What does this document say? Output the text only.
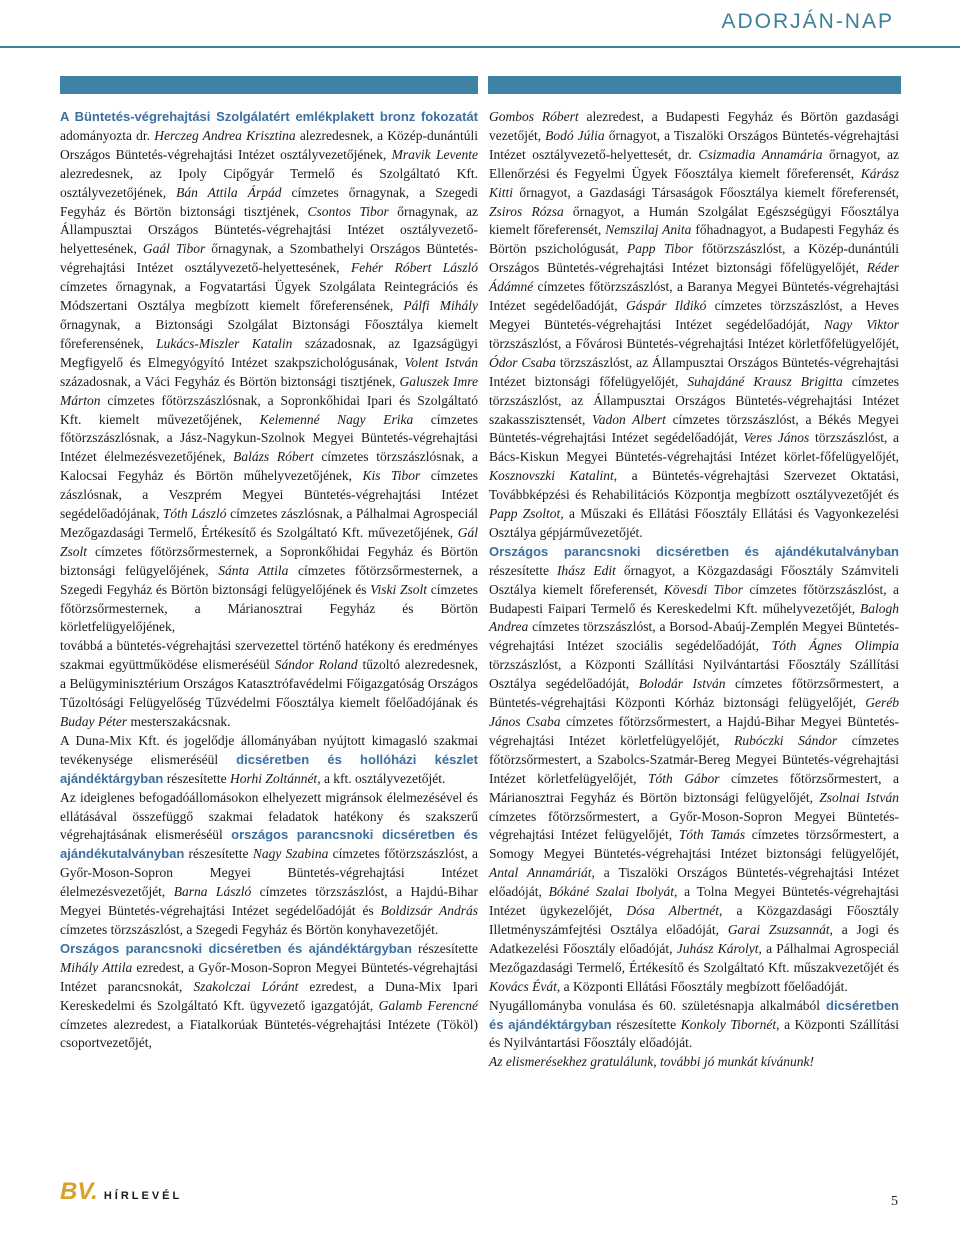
ADORJÁN-NAP

A Büntetés-végrehajtási Szolgálatért emlékplakett bronz fokozatát adományozta dr. Herczeg Andrea Krisztina alezredesnek, a Közép-dunántúli Országos Büntetés-végrehajtási Intézet osztályvezetőjének, Mravik Levente alezredesnek, az Ipoly Cipőgyár Termelő és Szolgáltató Kft. osztályvezetőjének, Bán Attila Árpád címzetes őrnagynak, a Szegedi Fegyház és Börtön biztonsági tisztjének, Csontos Tibor őrnagynak, az Állampusztai Országos Büntetés-végrehajtási Intézet osztályvezető-helyettesének, Gaál Tibor őrnagynak, a Szombathelyi Országos Büntetés-végrehajtási Intézet osztályvezető-helyettesének, Fehér Róbert László címzetes őrnagynak, a Fogvatartási Ügyek Szolgálata Reintegrációs és Módszertani Osztálya megbízott kiemelt főreferensének, Pálfi Mihály őrnagynak, a Biztonsági Szolgálat Biztonsági Főosztálya kiemelt főreferensének, Lukács-Miszler Katalin századosnak, az Igazságügyi Megfigyelő és Elmegyógyító Intézet szakpszichológusának, Volent István századosnak, a Váci Fegyház és Börtön biztonsági tisztjének, Galuszek Imre Márton címzetes főtörzszászlósnak, a Sopronkőhidai Ipari és Szolgáltató Kft. kiemelt művezetőjének, Kelemenné Nagy Erika címzetes főtörzszászlósnak, a Jász-Nagykun-Szolnok Megyei Büntetés-végrehajtási Intézet élelmezésvezetőjének, Balázs Róbert címzetes törzszászlósnak, a Kalocsai Fegyház és Börtön műhelyvezetőjének, Kis Tibor címzetes zászlósnak, a Veszprém Megyei Büntetés-végrehajtási Intézet segédelőadójának, Tóth László címzetes zászlósnak, a Pálhalmai Agrospeciál Mezőgazdasági Termelő, Értékesítő és Szolgáltató Kft. művezetőjének, Gál Zsolt címzetes főtörzsőrmesternek, a Sopronkőhidai Fegyház és Börtön biztonsági felügyelőjének, Sánta Attila címzetes főtörzsőrmesternek, a Szegedi Fegyház és Börtön biztonsági felügyelőjének és Viski Zsolt címzetes főtörzsőrmesternek, a Márianosztrai Fegyház és Börtön körletfelügyelőjének,

továbbá a büntetés-végrehajtási szervezettel történő hatékony és eredményes szakmai együttműködése elismeréséül Sándor Roland tűzoltó alezredesnek, a Belügyminisztérium Országos Katasztrófavédelmi Főigazgatóság Országos Tűzoltósági Felügyelőség Tűzvédelmi Főosztálya kiemelt főelőadójának és Buday Péter mesterszakácsnak.

A Duna-Mix Kft. és jogelődje állományában nyújtott kimagasló szakmai tevékenysége elismeréséül dicséretben és hollóházi készlet ajándéktárgyban részesítette Horhi Zoltánnét, a kft. osztályvezetőjét.

Az ideiglenes befogadóállomásokon elhelyezett migránsok élelmezésével és ellátásával összefüggő szakmai feladatok hatékony és szakszerű végrehajtásának elismeréséül országos parancsnoki dicséretben és ajándékutalványban részesítette Nagy Szabina címzetes főtörzszászlóst, a Győr-Moson-Sopron Megyei Büntetés-végrehajtási Intézet élelmezésvezetőjét, Barna László címzetes törzszászlóst, a Hajdú-Bihar Megyei Büntetés-végrehajtási Intézet segédelőadóját és Boldizsár András címzetes törzszászlóst, a Szegedi Fegyház és Börtön konyhavezetőjét.

Országos parancsnoki dicséretben és ajándéktárgyban részesítette Mihály Attila ezredest, a Győr-Moson-Sopron Megyei Büntetés-végrehajtási Intézet parancsnokát, Szakolczai Lóránt ezredest, a Duna-Mix Ipari Kereskedelmi és Szolgáltató Kft. ügyvezető igazgatóját, Galamb Ferencné címzetes alezredest, a Fiatalkorúak Büntetés-végrehajtási Intézete (Tököl) csoportvezetőjét,

Gombos Róbert alezredest, a Budapesti Fegyház és Börtön gazdasági vezetőjét, Bodó Júlia őrnagyot, a Tiszalöki Országos Büntetés-végrehajtási Intézet osztályvezető-helyettesét, dr. Csizmadia Annamária őrnagyot, az Ellenőrzési és Fegyelmi Ügyek Főosztálya kiemelt főreferensét, Kárász Kitti őrnagyot, a Gazdasági Társaságok Főosztálya kiemelt főreferensét, Zsiros Rózsa őrnagyot, a Humán Szolgálat Egészségügyi Főosztálya kiemelt főreferensét, Nemszilaj Anita főhadnagyot, a Budapesti Fegyház és Börtön pszichológusát, Papp Tibor főtörzszászlóst, a Közép-dunántúli Országos Büntetés-végrehajtási Intézet biztonsági főfelügyelőjét, Réder Ádámné címzetes főtörzszászlóst, a Baranya Megyei Büntetés-végrehajtási Intézet segédelőadóját, Gáspár Ildikó címzetes törzszászlóst, a Heves Megyei Büntetés-végrehajtási Intézet segédelőadóját, Nagy Viktor törzszászlóst, a Fővárosi Büntetés-végrehajtási Intézet körletfőfelügyelőjét, Ódor Csaba törzszászlóst, az Állampusztai Országos Büntetés-végrehajtási Intézet biztonsági főfelügyelőjét, Suhajdáné Krausz Brigitta címzetes törzszászlóst, az Állampusztai Országos Büntetés-végrehajtási Intézet szakasszisztensét, Vadon Albert címzetes törzszászlóst, a Békés Megyei Büntetés-végrehajtási Intézet segédelőadóját, Veres János törzszászlóst, a Bács-Kiskun Megyei Büntetés-végrehajtási Intézet körlet-főfelügyelőjét, Kosznovszki Katalint, a Büntetés-végrehajtási Szervezet Oktatási, Továbbképzési és Rehabilitációs Központja megbízott osztályvezetőjét és Papp Zsoltot, a Műszaki és Ellátási Főosztály Ellátási és Vagyonkezelési Osztálya gépjárművezetőjét.

Országos parancsnoki dicséretben és ajándékutalványban részesítette Ihász Edit őrnagyot, a Közgazdasági Főosztály Számviteli Osztálya kiemelt főreferensét, Kövesdi Tibor címzetes főtörzszászlóst, a Budapesti Faipari Termelő és Kereskedelmi Kft. műhelyvezetőjét, Balogh Andrea címzetes törzszászlóst, a Borsod-Abaúj-Zemplén Megyei Büntetés-végrehajtási Intézet szociális segédelőadóját, Tóth Ágnes Olimpia törzszászlóst, a Központi Szállítási Nyilvántartási Főosztály Szállítási Osztálya segédelőadóját, Bolodár István címzetes főtörzsőrmestert, a Büntetés-végrehajtási Központi Kórház biztonsági felügyelőjét, Geréb János Csaba címzetes főtörzsőrmestert, a Hajdú-Bihar Megyei Büntetés-végrehajtási Intézet körletfelügyelőjét, Rubóczki Sándor címzetes főtörzsőrmestert, a Szabolcs-Szatmár-Bereg Megyei Büntetés-végrehajtási Intézet körletfelügyelőjét, Tóth Gábor címzetes főtörzsőrmestert, a Márianosztrai Fegyház és Börtön biztonsági felügyelőjét, Zsolnai István címzetes főtörzsőrmestert, a Győr-Moson-Sopron Megyei Büntetés-végrehajtási Intézet felügyelőjét, Tóth Tamás címzetes törzsőrmestert, a Somogy Megyei Büntetés-végrehajtási Intézet biztonsági felügyelőjét, Antal Annamáriát, a Tiszalöki Országos Büntetés-végrehajtási Intézet előadóját, Bókáné Szalai Ibolyát, a Tolna Megyei Büntetés-végrehajtási Intézet ügykezelőjét, Dósa Albertnét, a Közgazdasági Főosztály Illetményszámfejtési Osztálya előadóját, Garai Zsuzsannát, a Jogi és Adatkezelési Főosztály előadóját, Juhász Károlyt, a Pálhalmai Agrospeciál Mezőgazdasági Termelő, Értékesítő és Szolgáltató Kft. műszakvezetőjét és Kovács Évát, a Központi Ellátási Főosztály megbízott főelőadóját.

Nyugállományba vonulása és 60. születésnapja alkalmából dicséretben és ajándéktárgyban részesítette Konkoly Tibornét, a Központi Szállítási és Nyilvántartási Főosztály előadóját.

Az elismerésekhez gratulálunk, további jó munkát kívánunk!

BV. HÍRLEVÉL	5
